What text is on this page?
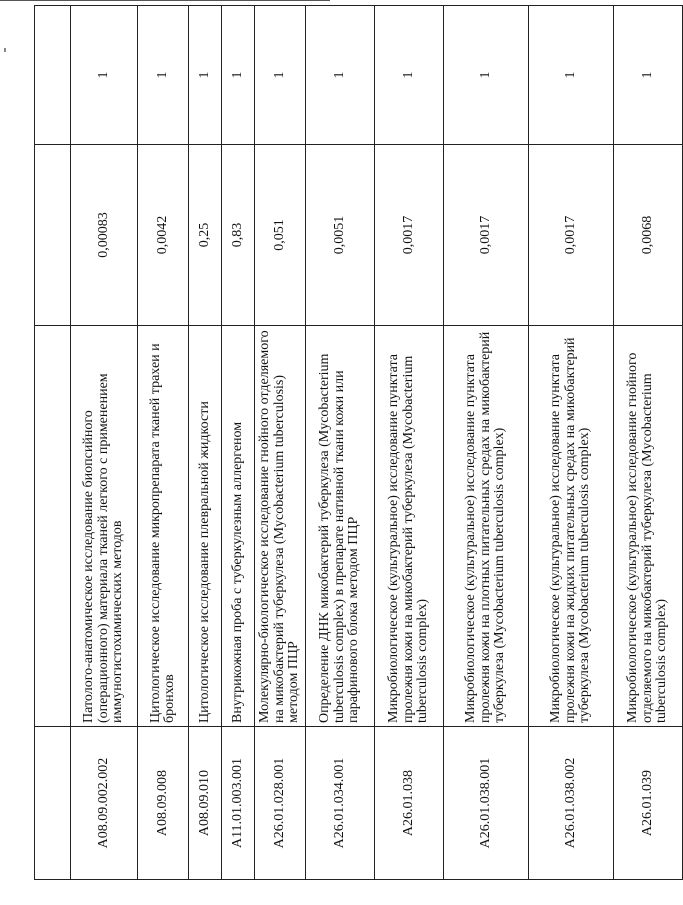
A08.09.002.002	Патолого-анатомическое исследование биопсийного (операционного) материала тканей легкого с применением иммуногистохимических методов	0,00083	1
A08.09.008	Цитологическое исследование микропрепарата тканей трахеи и бронхов	0,0042	1
A08.09.010	Цитологическое исследование плевральной жидкости	0,25	1
A11.01.003.001	Внутрикожная проба с туберкулезным аллергеном	0,83	1
A26.01.028.001	Молекулярно-биологическое исследование гнойного отделяемого на микобактерий туберкулеза (Mycobacterium tuberculosis) методом ПЦР	0,051	1
A26.01.034.001	Определение ДНК микобактерий туберкулеза (Mycobacterium tuberculosis complex) в препарате нативной ткани кожи или парафинового блока методом ПЦР	0,0051	1
A26.01.038	Микробиологическое (культуральное) исследование пунктата пролежня кожи на микобактерий туберкулеза (Mycobacterium tuberculosis complex)	0,0017	1
A26.01.038.001	Микробиологическое (культуральное) исследование пунктата пролежня кожи на плотных питательных средах на микобактерий туберкулеза (Mycobacterium tuberculosis complex)	0,0017	1
A26.01.038.002	Микробиологическое (культуральное) исследование пунктата пролежня кожи на жидких питательных средах на микобактерий туберкулеза (Mycobacterium tuberculosis complex)	0,0017	1
A26.01.039	Микробиологическое (культуральное) исследование гнойного отделяемого на микобактерий туберкулеза (Mycobacterium tuberculosis complex)	0,0068	1
